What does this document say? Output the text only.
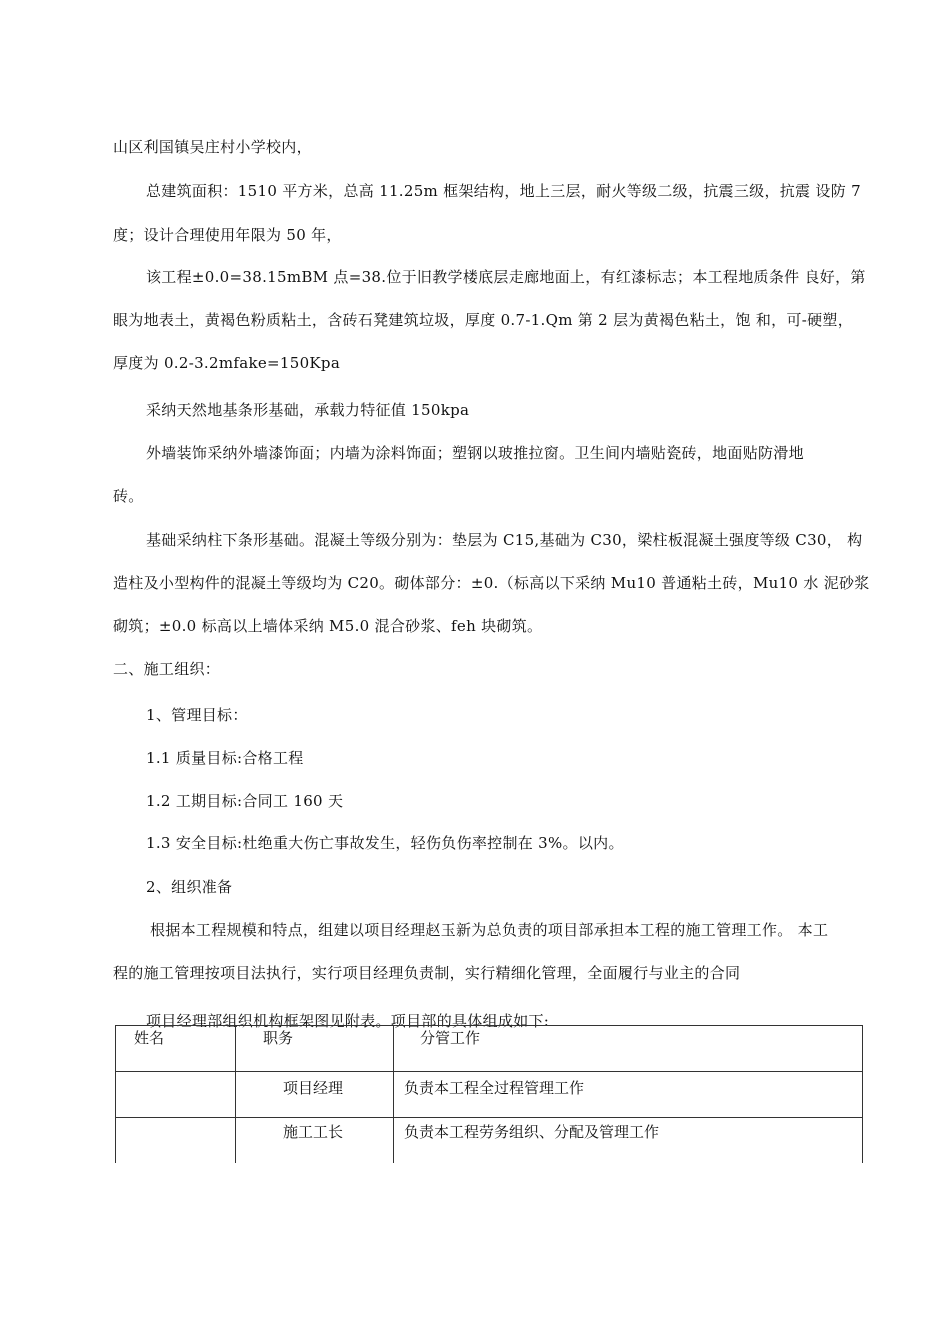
山区利国镇吴庄村小学校内，
总建筑面积：1510 平方米，总高 11.25m 框架结构，地上三层，耐火等级二级，抗震三级，抗震 设防 7
度；设计合理使用年限为 50 年，
该工程±0.0=38.15mBM 点=38.位于旧教学楼底层走廊地面上，有红漆标志；本工程地质条件 良好，第
眼为地表土，黄褐色粉质粘土，含砖石凳建筑垃圾，厚度 0.7-1.Qm 第 2 层为黄褐色粘土，饱 和，可-硬塑，
厚度为 0.2-3.2mfake=150Kpa
采纳天然地基条形基础，承载力特征值 150kpa
外墙装饰采纳外墙漆饰面；内墙为涂料饰面；塑钢以玻推拉窗。卫生间内墙贴瓷砖，地面贴防滑地
砖。
基础采纳柱下条形基础。混凝土等级分别为：垫层为 C15,基础为 C30，梁柱板混凝土强度等级 C30， 构
造柱及小型构件的混凝土等级均为 C20。砌体部分：±0.（标高以下采纳 Mu10 普通粘土砖，Mu10 水 泥砂浆
砌筑；±0.0 标高以上墙体采纳 M5.0 混合砂浆、feh 块砌筑。
二、施工组织：
1、管理目标：
1.1 质量目标:合格工程
1.2 工期目标:合同工 160 天
1.3 安全目标:杜绝重大伤亡事故发生，轻伤负伤率控制在 3%。以内。
2、组织准备
根据本工程规模和特点，组建以项目经理赵玉新为总负责的项目部承担本工程的施工管理工作。 本工
程的施工管理按项目法执行，实行项目经理负责制，实行精细化管理，全面履行与业主的合同
项目经理部组织机构框架图见附表。项目部的具体组成如下:
姓名	职务	分管工作
	项目经理	负责本工程全过程管理工作
	施工工长	负责本工程劳务组织、分配及管理工作
